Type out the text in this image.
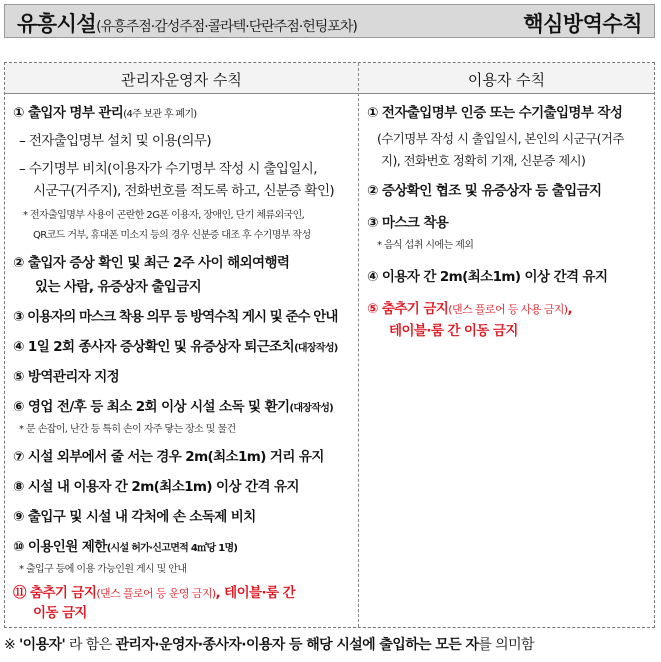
유흥시설(유흥주점·감성주점·콜라텍·단란주점·헌팅포차)	핵심방역수칙
관리자운영자 수칙	이용자 수칙
① 출입자 명부 관리(4주 보관 후 폐기)
– 전자출입명부 설치 및 이용(의무)
– 수기명부 비치(이용자가 수기명부 작성 시 출입일시,
시군구(거주지), 전화번호를 적도록 하고, 신분증 확인)
* 전자출입명부 사용이 곤란한 2G폰 이용자, 장애인, 단기 체류외국인,
QR코드 거부, 휴대폰 미소지 등의 경우 신분증 대조 후 수기명부 작성
② 출입자 증상 확인 및 최근 2주 사이 해외여행력
있는 사람, 유증상자 출입금지
③ 이용자의 마스크 착용 의무 등 방역수칙 게시 및 준수 안내
④ 1일 2회 종사자 증상확인 및 유증상자 퇴근조치(대장작성)
⑤ 방역관리자 지정
⑥ 영업 전/후 등 최소 2회 이상 시설 소독 및 환기(대장작성)
* 문 손잡이, 난간 등 특히 손이 자주 닿는 장소 및 물건
⑦ 시설 외부에서 줄 서는 경우 2m(최소1m) 거리 유지
⑧ 시설 내 이용자 간 2m(최소1m) 이상 간격 유지
⑨ 출입구 및 시설 내 각처에 손 소독제 비치
⑩ 이용인원 제한(시설 허가·신고면적 4㎡당 1명)
* 출입구 등에 이용 가능인원 게시 및 안내
⑪ 춤추기 금지(댄스 플로어 등 운영 금지), 테이블·룸 간
이동 금지
① 전자출입명부 인증 또는 수기출입명부 작성
(수기명부 작성 시 출입일시, 본인의 시군구(거주
지), 전화번호 정확히 기재, 신분증 제시)
② 증상확인 협조 및 유증상자 등 출입금지
③ 마스크 착용
* 음식 섭취 시에는 제외
④ 이용자 간 2m(최소1m) 이상 간격 유지
⑤ 춤추기 금지(댄스 플로어 등 사용 금지),
테이블·룸 간 이동 금지
※ '이용자' 라 함은 관리자·운영자·종사자·이용자 등 해당 시설에 출입하는 모든 자를 의미함
